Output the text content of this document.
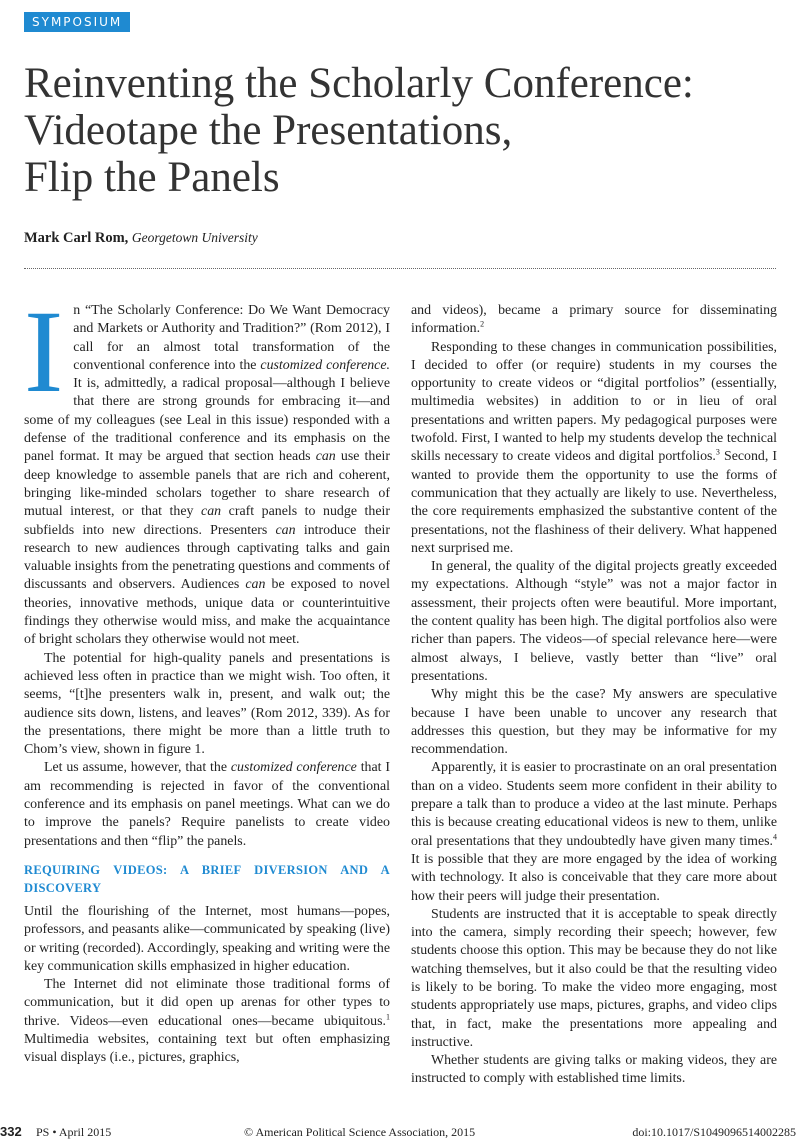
SYMPOSIUM
Reinventing the Scholarly Conference:
Videotape the Presentations,
Flip the Panels
Mark Carl Rom, Georgetown University

In “The Scholarly Conference: Do We Want Democracy and Markets or Authority and Tradition?” (Rom 2012), I call for an almost total transformation of the conventional conference into the customized conference. It is, admittedly, a radical proposal—although I believe that there are strong grounds for embracing it—and some of my colleagues (see Leal in this issue) responded with a defense of the traditional conference and its emphasis on the panel format. It may be argued that section heads can use their deep knowledge to assemble panels that are rich and coherent, bringing like-minded scholars together to share research of mutual interest, or that they can craft panels to nudge their subfields into new directions. Presenters can introduce their research to new audiences through captivating talks and gain valuable insights from the penetrating questions and comments of discussants and observers. Audiences can be exposed to novel theories, innovative methods, unique data or counterintuitive findings they otherwise would miss, and make the acquaintance of bright scholars they otherwise would not meet.

The potential for high-quality panels and presentations is achieved less often in practice than we might wish. Too often, it seems, “[t]he presenters walk in, present, and walk out; the audience sits down, listens, and leaves” (Rom 2012, 339). As for the presentations, there might be more than a little truth to Chom’s view, shown in figure 1.

Let us assume, however, that the customized conference that I am recommending is rejected in favor of the conventional conference and its emphasis on panel meetings. What can we do to improve the panels? Require panelists to create video presentations and then “flip” the panels.

REQUIRING VIDEOS: A BRIEF DIVERSION AND A DISCOVERY

Until the flourishing of the Internet, most humans—popes, professors, and peasants alike—communicated by speaking (live) or writing (recorded). Accordingly, speaking and writing were the key communication skills emphasized in higher education.

The Internet did not eliminate those traditional forms of communication, but it did open up arenas for other types to thrive. Videos—even educational ones—became ubiquitous.$^1$ Multimedia websites, containing text but often emphasizing visual displays (i.e., pictures, graphics,

and videos), became a primary source for disseminating information.$^2$

Responding to these changes in communication possibilities, I decided to offer (or require) students in my courses the opportunity to create videos or “digital portfolios” (essentially, multimedia websites) in addition to or in lieu of oral presentations and written papers. My pedagogical purposes were twofold. First, I wanted to help my students develop the technical skills necessary to create videos and digital portfolios.$^3$ Second, I wanted to provide them the opportunity to use the forms of communication that they actually are likely to use. Nevertheless, the core requirements emphasized the substantive content of the presentations, not the flashiness of their delivery. What happened next surprised me.

In general, the quality of the digital projects greatly exceeded my expectations. Although “style” was not a major factor in assessment, their projects often were beautiful. More important, the content quality has been high. The digital portfolios also were richer than papers. The videos—of special relevance here—were almost always, I believe, vastly better than “live” oral presentations.

Why might this be the case? My answers are speculative because I have been unable to uncover any research that addresses this question, but they may be informative for my recommendation.

Apparently, it is easier to procrastinate on an oral presentation than on a video. Students seem more confident in their ability to prepare a talk than to produce a video at the last minute. Perhaps this is because creating educational videos is new to them, unlike oral presentations that they undoubtedly have given many times.$^4$ It is possible that they are more engaged by the idea of working with technology. It also is conceivable that they care more about how their peers will judge their presentation.

Students are instructed that it is acceptable to speak directly into the camera, simply recording their speech; however, few students choose this option. This may be because they do not like watching themselves, but it also could be that the resulting video is likely to be boring. To make the video more engaging, most students appropriately use maps, pictures, graphs, and video clips that, in fact, make the presentations more appealing and instructive.

Whether students are giving talks or making videos, they are instructed to comply with established time limits.

332 PS • April 2015	© American Political Science Association, 2015	doi:10.1017/S1049096514002285
